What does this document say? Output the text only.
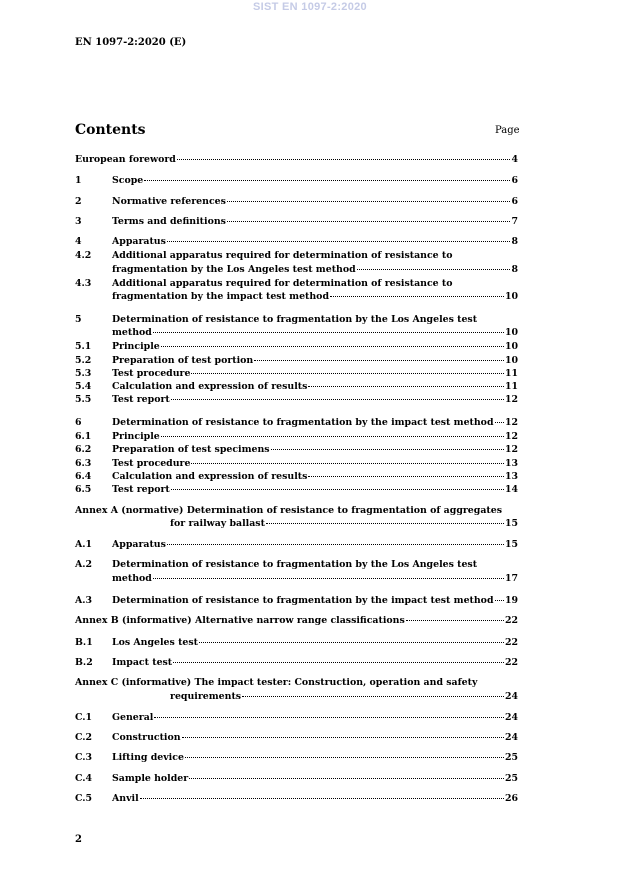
SIST EN 1097-2:2020
EN 1097-2:2020 (E)
Contents	Page
European foreword	4
1	Scope	6
2	Normative references	6
3	Terms and definitions	7
4	Apparatus	8
4.2	Additional apparatus required for determination of resistance to
fragmentation by the Los Angeles test method	8
4.3	Additional apparatus required for determination of resistance to
fragmentation by the impact test method	10
5	Determination of resistance to fragmentation by the Los Angeles test
method	10
5.1	Principle	10
5.2	Preparation of test portion	10
5.3	Test procedure	11
5.4	Calculation and expression of results	11
5.5	Test report	12
6	Determination of resistance to fragmentation by the impact test method 12
6.1	Principle	12
6.2	Preparation of test specimens	12
6.3	Test procedure	13
6.4	Calculation and expression of results	13
6.5	Test report	14
Annex A (normative) Determination of resistance to fragmentation of aggregates
for railway ballast	15
A.1	Apparatus	15
A.2	Determination of resistance to fragmentation by the Los Angeles test
method	17
A.3	Determination of resistance to fragmentation by the impact test method 19
Annex B (informative) Alternative narrow range classifications	22
B.1	Los Angeles test	22
B.2	Impact test	22
Annex C (informative) The impact tester: Construction, operation and safety
requirements	24
C.1	General	24
C.2	Construction	24
C.3	Lifting device	25
C.4	Sample holder	25
C.5	Anvil	26
2
